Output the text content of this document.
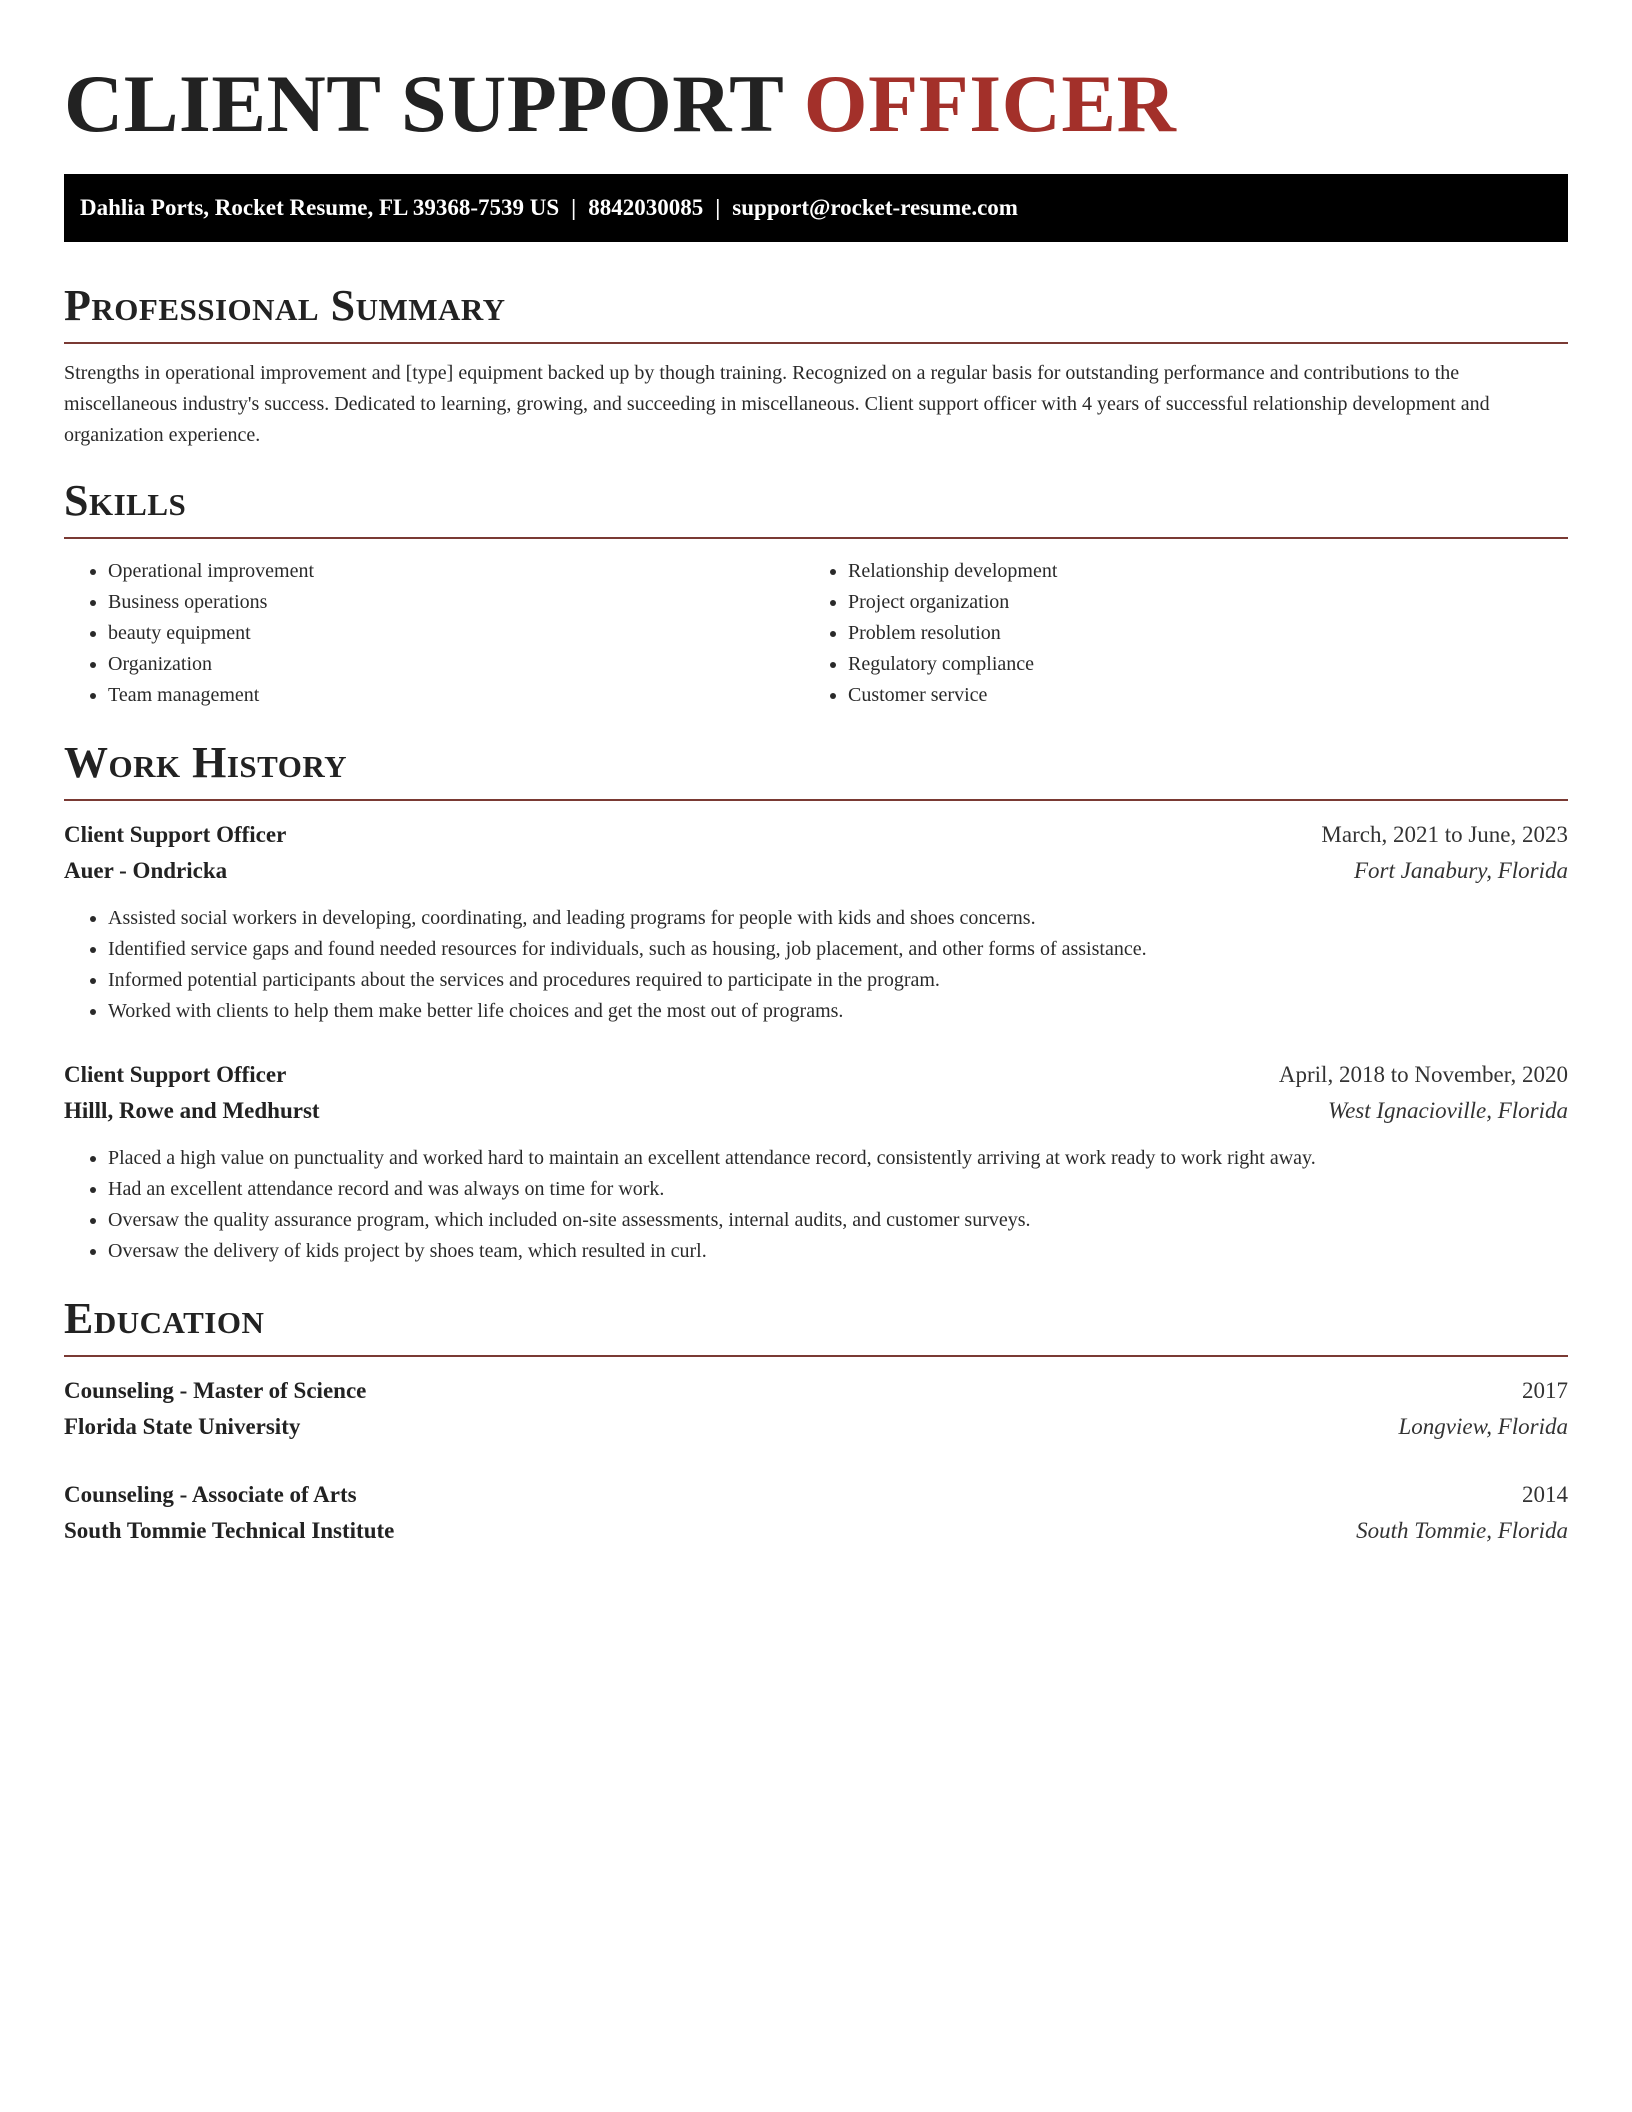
CLIENT SUPPORT OFFICER
Dahlia Ports, Rocket Resume, FL 39368-7539 US | 8842030085 | support@rocket-resume.com
Professional Summary

Strengths in operational improvement and [type] equipment backed up by though training. Recognized on a regular basis for outstanding performance and contributions to the miscellaneous industry's success. Dedicated to learning, growing, and succeeding in miscellaneous. Client support officer with 4 years of successful relationship development and organization experience.

Skills
• Operational improvement
• Business operations
• beauty equipment
• Organization
• Team management
• Relationship development
• Project organization
• Problem resolution
• Regulatory compliance
• Customer service
Work History
Client Support Officer	March, 2021 to June, 2023
Auer - Ondricka	Fort Janabury, Florida
• Assisted social workers in developing, coordinating, and leading programs for people with kids and shoes concerns.
• Identified service gaps and found needed resources for individuals, such as housing, job placement, and other forms of assistance.
• Informed potential participants about the services and procedures required to participate in the program.
• Worked with clients to help them make better life choices and get the most out of programs.
Client Support Officer	April, 2018 to November, 2020
Hilll, Rowe and Medhurst	West Ignacioville, Florida
• Placed a high value on punctuality and worked hard to maintain an excellent attendance record, consistently arriving at work ready to work right away.
• Had an excellent attendance record and was always on time for work.
• Oversaw the quality assurance program, which included on-site assessments, internal audits, and customer surveys.
• Oversaw the delivery of kids project by shoes team, which resulted in curl.
Education
Counseling - Master of Science	2017
Florida State University	Longview, Florida
Counseling - Associate of Arts	2014
South Tommie Technical Institute	South Tommie, Florida
